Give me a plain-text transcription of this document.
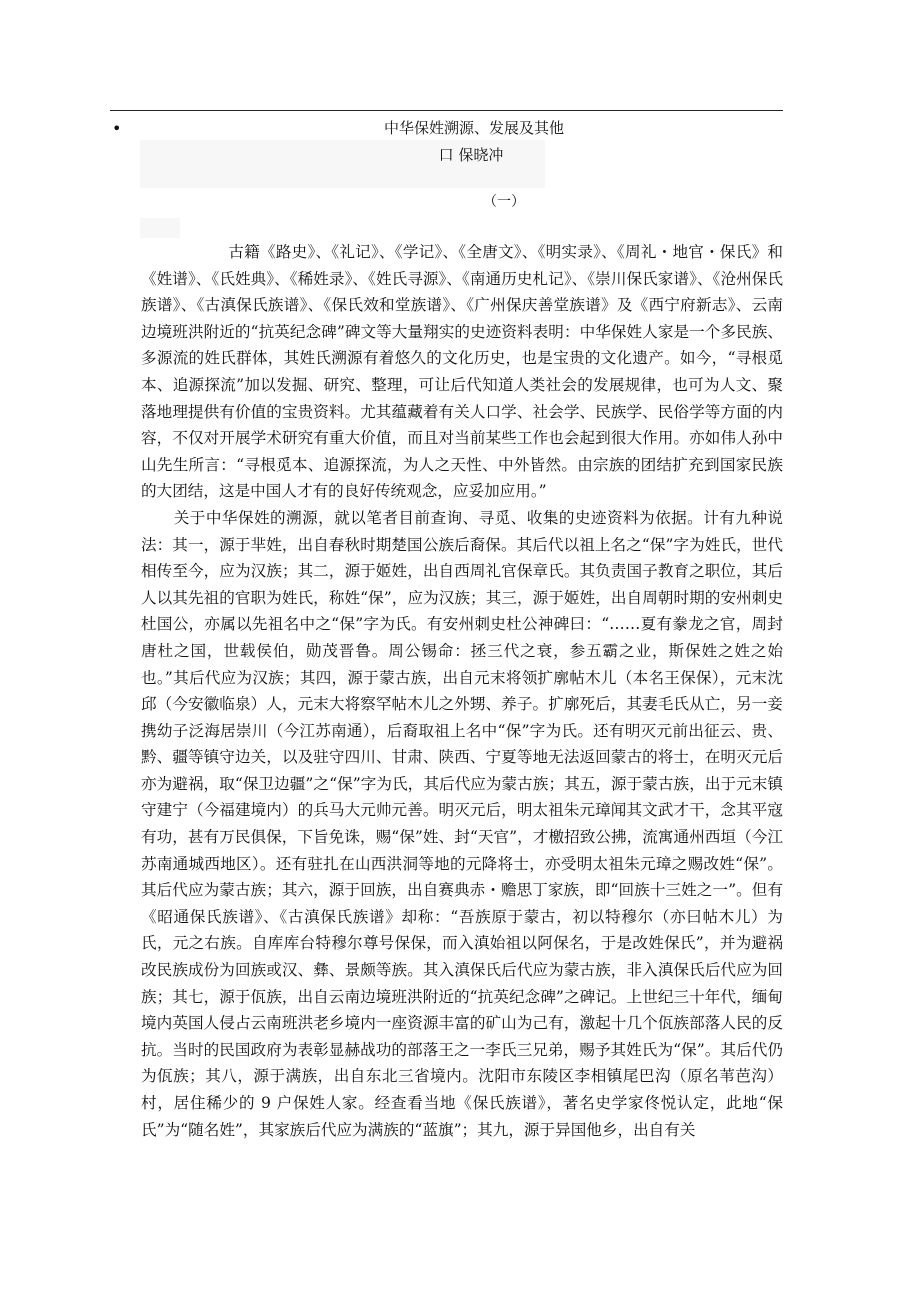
•	中华保姓溯源、发展及其他
口 保晓冲
（一）

古籍《路史》、《礼记》、《学记》、《全唐文》、《明实录》、《周礼・地官・保氏》和《姓谱》、《氏姓典》、《稀姓录》、《姓氏寻源》、《南通历史札记》、《崇川保氏家谱》、《沧州保氏族谱》、《古滇保氏族谱》、《保氏效和堂族谱》、《广州保庆善堂族谱》及《西宁府新志》、云南边境班洪附近的“抗英纪念碑”碑文等大量翔实的史迹资料表明：中华保姓人家是一个多民族、多源流的姓氏群体，其姓氏溯源有着悠久的文化历史，也是宝贵的文化遗产。如今，“寻根觅本、追源探流”加以发掘、研究、整理，可让后代知道人类社会的发展规律，也可为人文、聚落地理提供有价值的宝贵资料。尤其蕴藏着有关人口学、社会学、民族学、民俗学等方面的内容，不仅对开展学术研究有重大价值，而且对当前某些工作也会起到很大作用。亦如伟人孙中山先生所言：“寻根觅本、追源探流，为人之天性、中外皆然。由宗族的团结扩充到国家民族的大团结，这是中国人才有的良好传统观念，应妥加应用。”

关于中华保姓的溯源，就以笔者目前查询、寻觅、收集的史迹资料为依据。计有九种说法：其一，源于芈姓，出自春秋时期楚国公族后裔保。其后代以祖上名之“保”字为姓氏，世代相传至今，应为汉族；其二，源于姬姓，出自西周礼官保章氏。其负责国子教育之职位，其后人以其先祖的官职为姓氏，称姓“保”，应为汉族；其三，源于姬姓，出自周朝时期的安州刺史杜国公，亦属以先祖名中之“保”字为氏。有安州刺史杜公神碑曰：“……夏有豢龙之官，周封唐杜之国，世载侯伯，勋茂晋鲁。周公锡命：拯三代之衰，参五霸之业，斯保姓之姓之始也。”其后代应为汉族；其四，源于蒙古族，出自元末将领扩廓帖木儿（本名王保保），元末沈邱（今安徽临泉）人，元末大将察罕帖木儿之外甥、养子。扩廓死后，其妻毛氏从亡，另一妾携幼子泛海居崇川（今江苏南通），后裔取祖上名中“保”字为氏。还有明灭元前出征云、贵、黔、疆等镇守边关，以及驻守四川、甘肃、陕西、宁夏等地无法返回蒙古的将士，在明灭元后亦为避祸，取“保卫边疆”之“保”字为氏，其后代应为蒙古族；其五，源于蒙古族，出于元末镇守建宁（今福建境内）的兵马大元帅元善。明灭元后，明太祖朱元璋闻其文武才干，念其平寇有功，甚有万民俱保，下旨免诛，赐“保”姓、封“天官”，才檄招致公拂，流寓通州西垣（今江苏南通城西地区）。还有驻扎在山西洪洞等地的元降将士，亦受明太祖朱元璋之赐改姓“保”。其后代应为蒙古族；其六，源于回族，出自赛典赤・赡思丁家族，即“回族十三姓之一”。但有《昭通保氏族谱》、《古滇保氏族谱》却称：“吾族原于蒙古，初以特穆尔（亦曰帖木儿）为氏，元之右族。自库库台特穆尔尊号保保，而入滇始祖以阿保名，于是改姓保氏”，并为避祸改民族成份为回族或汉、彝、景颇等族。其入滇保氏后代应为蒙古族，非入滇保氏后代应为回族；其七，源于佤族，出自云南边境班洪附近的“抗英纪念碑”之碑记。上世纪三十年代，缅甸境内英国人侵占云南班洪老乡境内一座资源丰富的矿山为己有，激起十几个佤族部落人民的反抗。当时的民国政府为表彰显赫战功的部落王之一李氏三兄弟，赐予其姓氏为“保”。其后代仍为佤族；其八，源于满族，出自东北三省境内。沈阳市东陵区李相镇尾巴沟（原名苇芭沟）村，居住稀少的 9 户保姓人家。经查看当地《保氏族谱》，著名史学家佟悦认定，此地“保氏”为“随名姓”，其家族后代应为满族的“蓝旗”；其九，源于异国他乡，出自有关
